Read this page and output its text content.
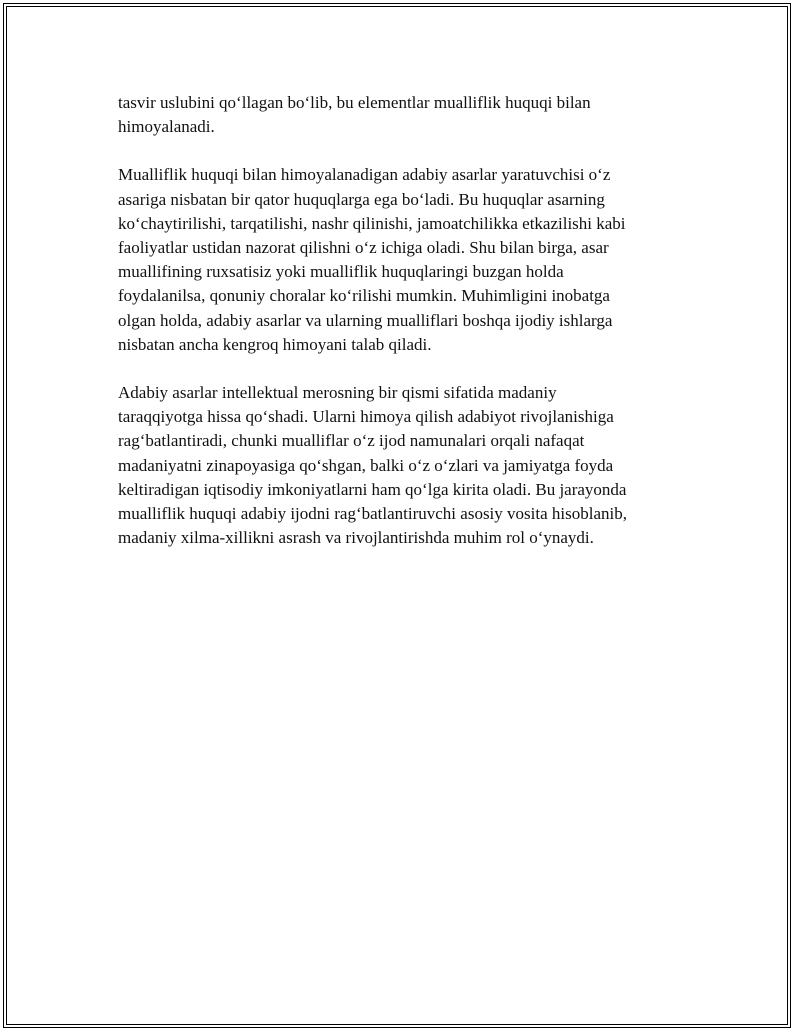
tasvir uslubini qo‘llagan bo‘lib, bu elementlar mualliflik huquqi bilan
himoyalanadi.

Mualliflik huquqi bilan himoyalanadigan adabiy asarlar yaratuvchisi o‘z
asariga nisbatan bir qator huquqlarga ega bo‘ladi. Bu huquqlar asarning
ko‘chaytirilishi, tarqatilishi, nashr qilinishi, jamoatchilikka etkazilishi kabi
faoliyatlar ustidan nazorat qilishni o‘z ichiga oladi. Shu bilan birga, asar
muallifining ruxsatisiz yoki mualliflik huquqlaringi buzgan holda
foydalanilsa, qonuniy choralar ko‘rilishi mumkin. Muhimligini inobatga
olgan holda, adabiy asarlar va ularning mualliflari boshqa ijodiy ishlarga
nisbatan ancha kengroq himoyani talab qiladi.

Adabiy asarlar intellektual merosning bir qismi sifatida madaniy
taraqqiyotga hissa qo‘shadi. Ularni himoya qilish adabiyot rivojlanishiga
rag‘batlantiradi, chunki mualliflar o‘z ijod namunalari orqali nafaqat
madaniyatni zinapoyasiga qo‘shgan, balki o‘z o‘zlari va jamiyatga foyda
keltiradigan iqtisodiy imkoniyatlarni ham qo‘lga kirita oladi. Bu jarayonda
mualliflik huquqi adabiy ijodni rag‘batlantiruvchi asosiy vosita hisoblanib,
madaniy xilma-xillikni asrash va rivojlantirishda muhim rol o‘ynaydi.
